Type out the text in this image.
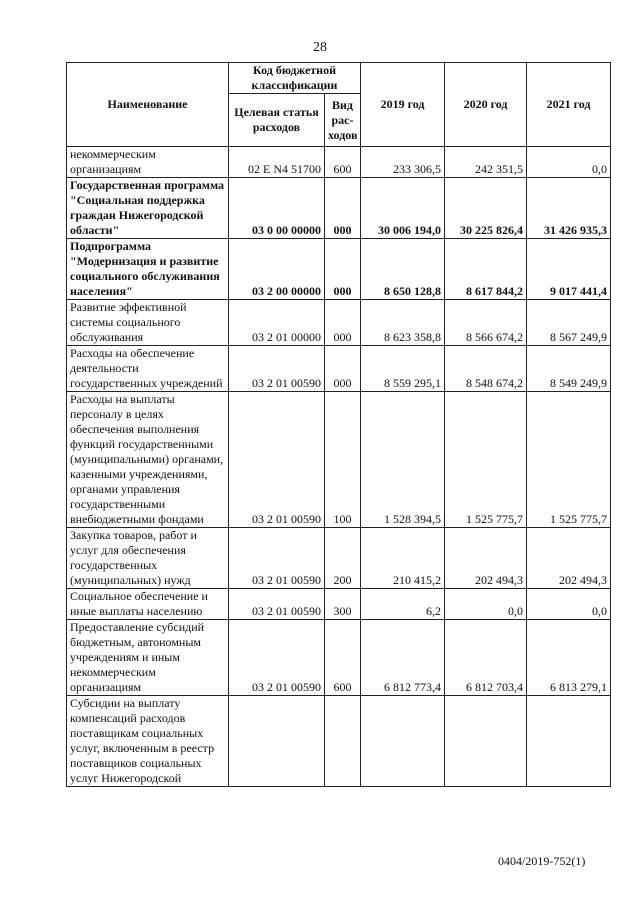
28
Наименование	Код бюджетной классификации		2019 год	2020 год	2021 год
	Целевая статья расходов	Вид рас-ходов			
некоммерческим организациям	02 E N4 51700	600	233 306,5	242 351,5	0,0
Государственная программа "Социальная поддержка граждан Нижегородской области"	03 0 00 00000	000	30 006 194,0	30 225 826,4	31 426 935,3
Подпрограмма "Модернизация и развитие социального обслуживания населения"	03 2 00 00000	000	8 650 128,8	8 617 844,2	9 017 441,4
Развитие эффективной системы социального обслуживания	03 2 01 00000	000	8 623 358,8	8 566 674,2	8 567 249,9
Расходы на обеспечение деятельности государственных учреждений	03 2 01 00590	000	8 559 295,1	8 548 674,2	8 549 249,9
Расходы на выплаты персоналу в целях обеспечения выполнения функций государственными (муниципальными) органами, казенными учреждениями, органами управления государственными внебюджетными фондами	03 2 01 00590	100	1 528 394,5	1 525 775,7	1 525 775,7
Закупка товаров, работ и услуг для обеспечения государственных (муниципальных) нужд	03 2 01 00590	200	210 415,2	202 494,3	202 494,3
Социальное обеспечение и иные выплаты населению	03 2 01 00590	300	6,2	0,0	0,0
Предоставление субсидий бюджетным, автономным учреждениям и иным некоммерческим организациям	03 2 01 00590	600	6 812 773,4	6 812 703,4	6 813 279,1
Субсидии на выплату компенсаций расходов поставщикам социальных услуг, включенным в реестр поставщиков социальных услуг Нижегородской					
0404/2019-752(1)
